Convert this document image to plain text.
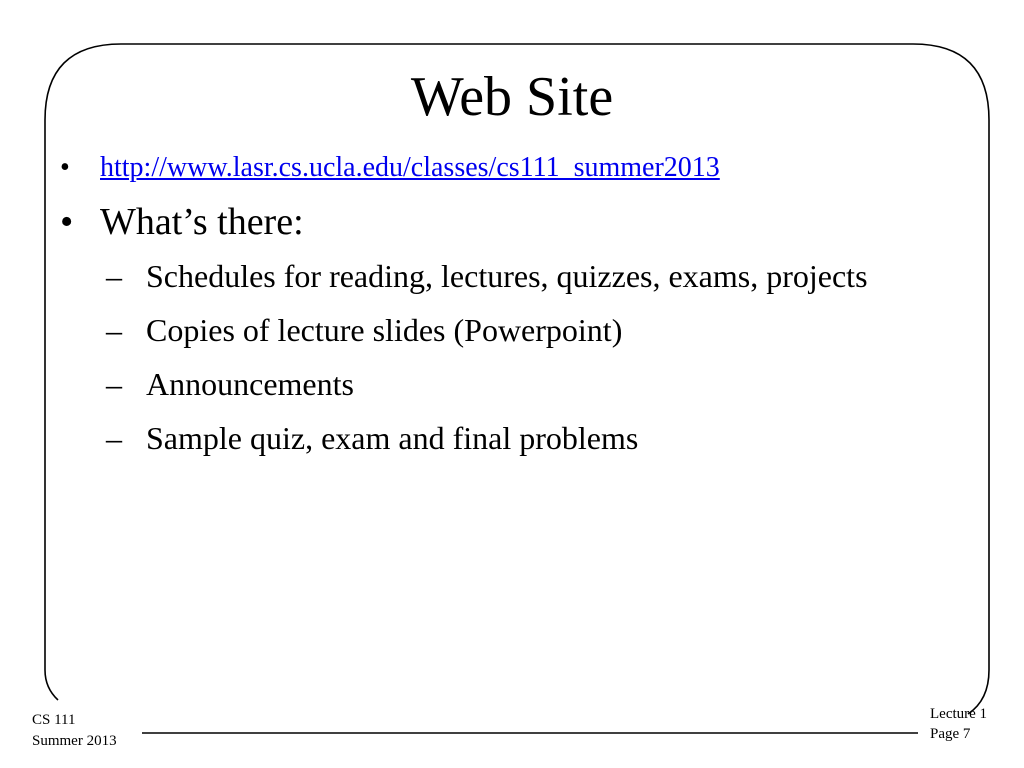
Web Site
• http://www.lasr.cs.ucla.edu/classes/cs111_summer2013
• What’s there:
– Schedules for reading, lectures, quizzes, exams, projects
– Copies of lecture slides (Powerpoint)
– Announcements
– Sample quiz, exam and final problems
CS 111
Summer 2013
Lecture 1
Page 7
